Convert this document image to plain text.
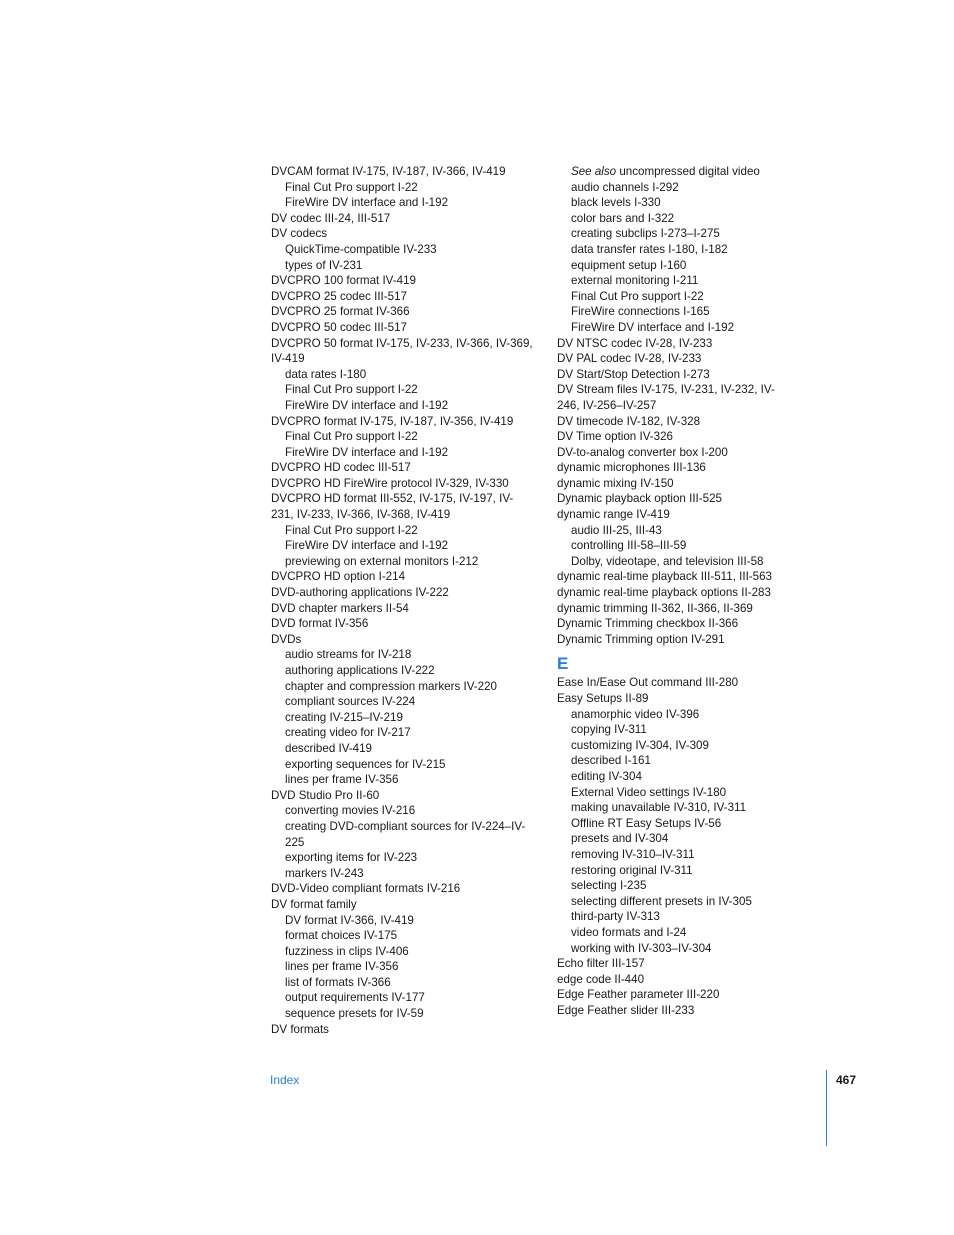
DVCAM format IV-175, IV-187, IV-366, IV-419
Final Cut Pro support I-22
FireWire DV interface and I-192
DV codec III-24, III-517
DV codecs
QuickTime-compatible IV-233
types of IV-231
DVCPRO 100 format IV-419
DVCPRO 25 codec III-517
DVCPRO 25 format IV-366
DVCPRO 50 codec III-517
DVCPRO 50 format IV-175, IV-233, IV-366, IV-369, IV-419
data rates I-180
Final Cut Pro support I-22
FireWire DV interface and I-192
DVCPRO format IV-175, IV-187, IV-356, IV-419
Final Cut Pro support I-22
FireWire DV interface and I-192
DVCPRO HD codec III-517
DVCPRO HD FireWire protocol IV-329, IV-330
DVCPRO HD format III-552, IV-175, IV-197, IV-231, IV-233, IV-366, IV-368, IV-419
Final Cut Pro support I-22
FireWire DV interface and I-192
previewing on external monitors I-212
DVCPRO HD option I-214
DVD-authoring applications IV-222
DVD chapter markers II-54
DVD format IV-356
DVDs
audio streams for IV-218
authoring applications IV-222
chapter and compression markers IV-220
compliant sources IV-224
creating IV-215–IV-219
creating video for IV-217
described IV-419
exporting sequences for IV-215
lines per frame IV-356
DVD Studio Pro II-60
converting movies IV-216
creating DVD-compliant sources for IV-224–IV-225
exporting items for IV-223
markers IV-243
DVD-Video compliant formats IV-216
DV format family
DV format IV-366, IV-419
format choices IV-175
fuzziness in clips IV-406
lines per frame IV-356
list of formats IV-366
output requirements IV-177
sequence presets for IV-59
DV formats
See also uncompressed digital video
audio channels I-292
black levels I-330
color bars and I-322
creating subclips I-273–I-275
data transfer rates I-180, I-182
equipment setup I-160
external monitoring I-211
Final Cut Pro support I-22
FireWire connections I-165
FireWire DV interface and I-192
DV NTSC codec IV-28, IV-233
DV PAL codec IV-28, IV-233
DV Start/Stop Detection I-273
DV Stream files IV-175, IV-231, IV-232, IV-246, IV-256–IV-257
DV timecode IV-182, IV-328
DV Time option IV-326
DV-to-analog converter box I-200
dynamic microphones III-136
dynamic mixing IV-150
Dynamic playback option III-525
dynamic range IV-419
audio III-25, III-43
controlling III-58–III-59
Dolby, videotape, and television III-58
dynamic real-time playback III-511, III-563
dynamic real-time playback options II-283
dynamic trimming II-362, II-366, II-369
Dynamic Trimming checkbox II-366
Dynamic Trimming option IV-291
E
Ease In/Ease Out command III-280
Easy Setups II-89
anamorphic video IV-396
copying IV-311
customizing IV-304, IV-309
described I-161
editing IV-304
External Video settings IV-180
making unavailable IV-310, IV-311
Offline RT Easy Setups IV-56
presets and IV-304
removing IV-310–IV-311
restoring original IV-311
selecting I-235
selecting different presets in IV-305
third-party IV-313
video formats and I-24
working with IV-303–IV-304
Echo filter III-157
edge code II-440
Edge Feather parameter III-220
Edge Feather slider III-233
Index	467
